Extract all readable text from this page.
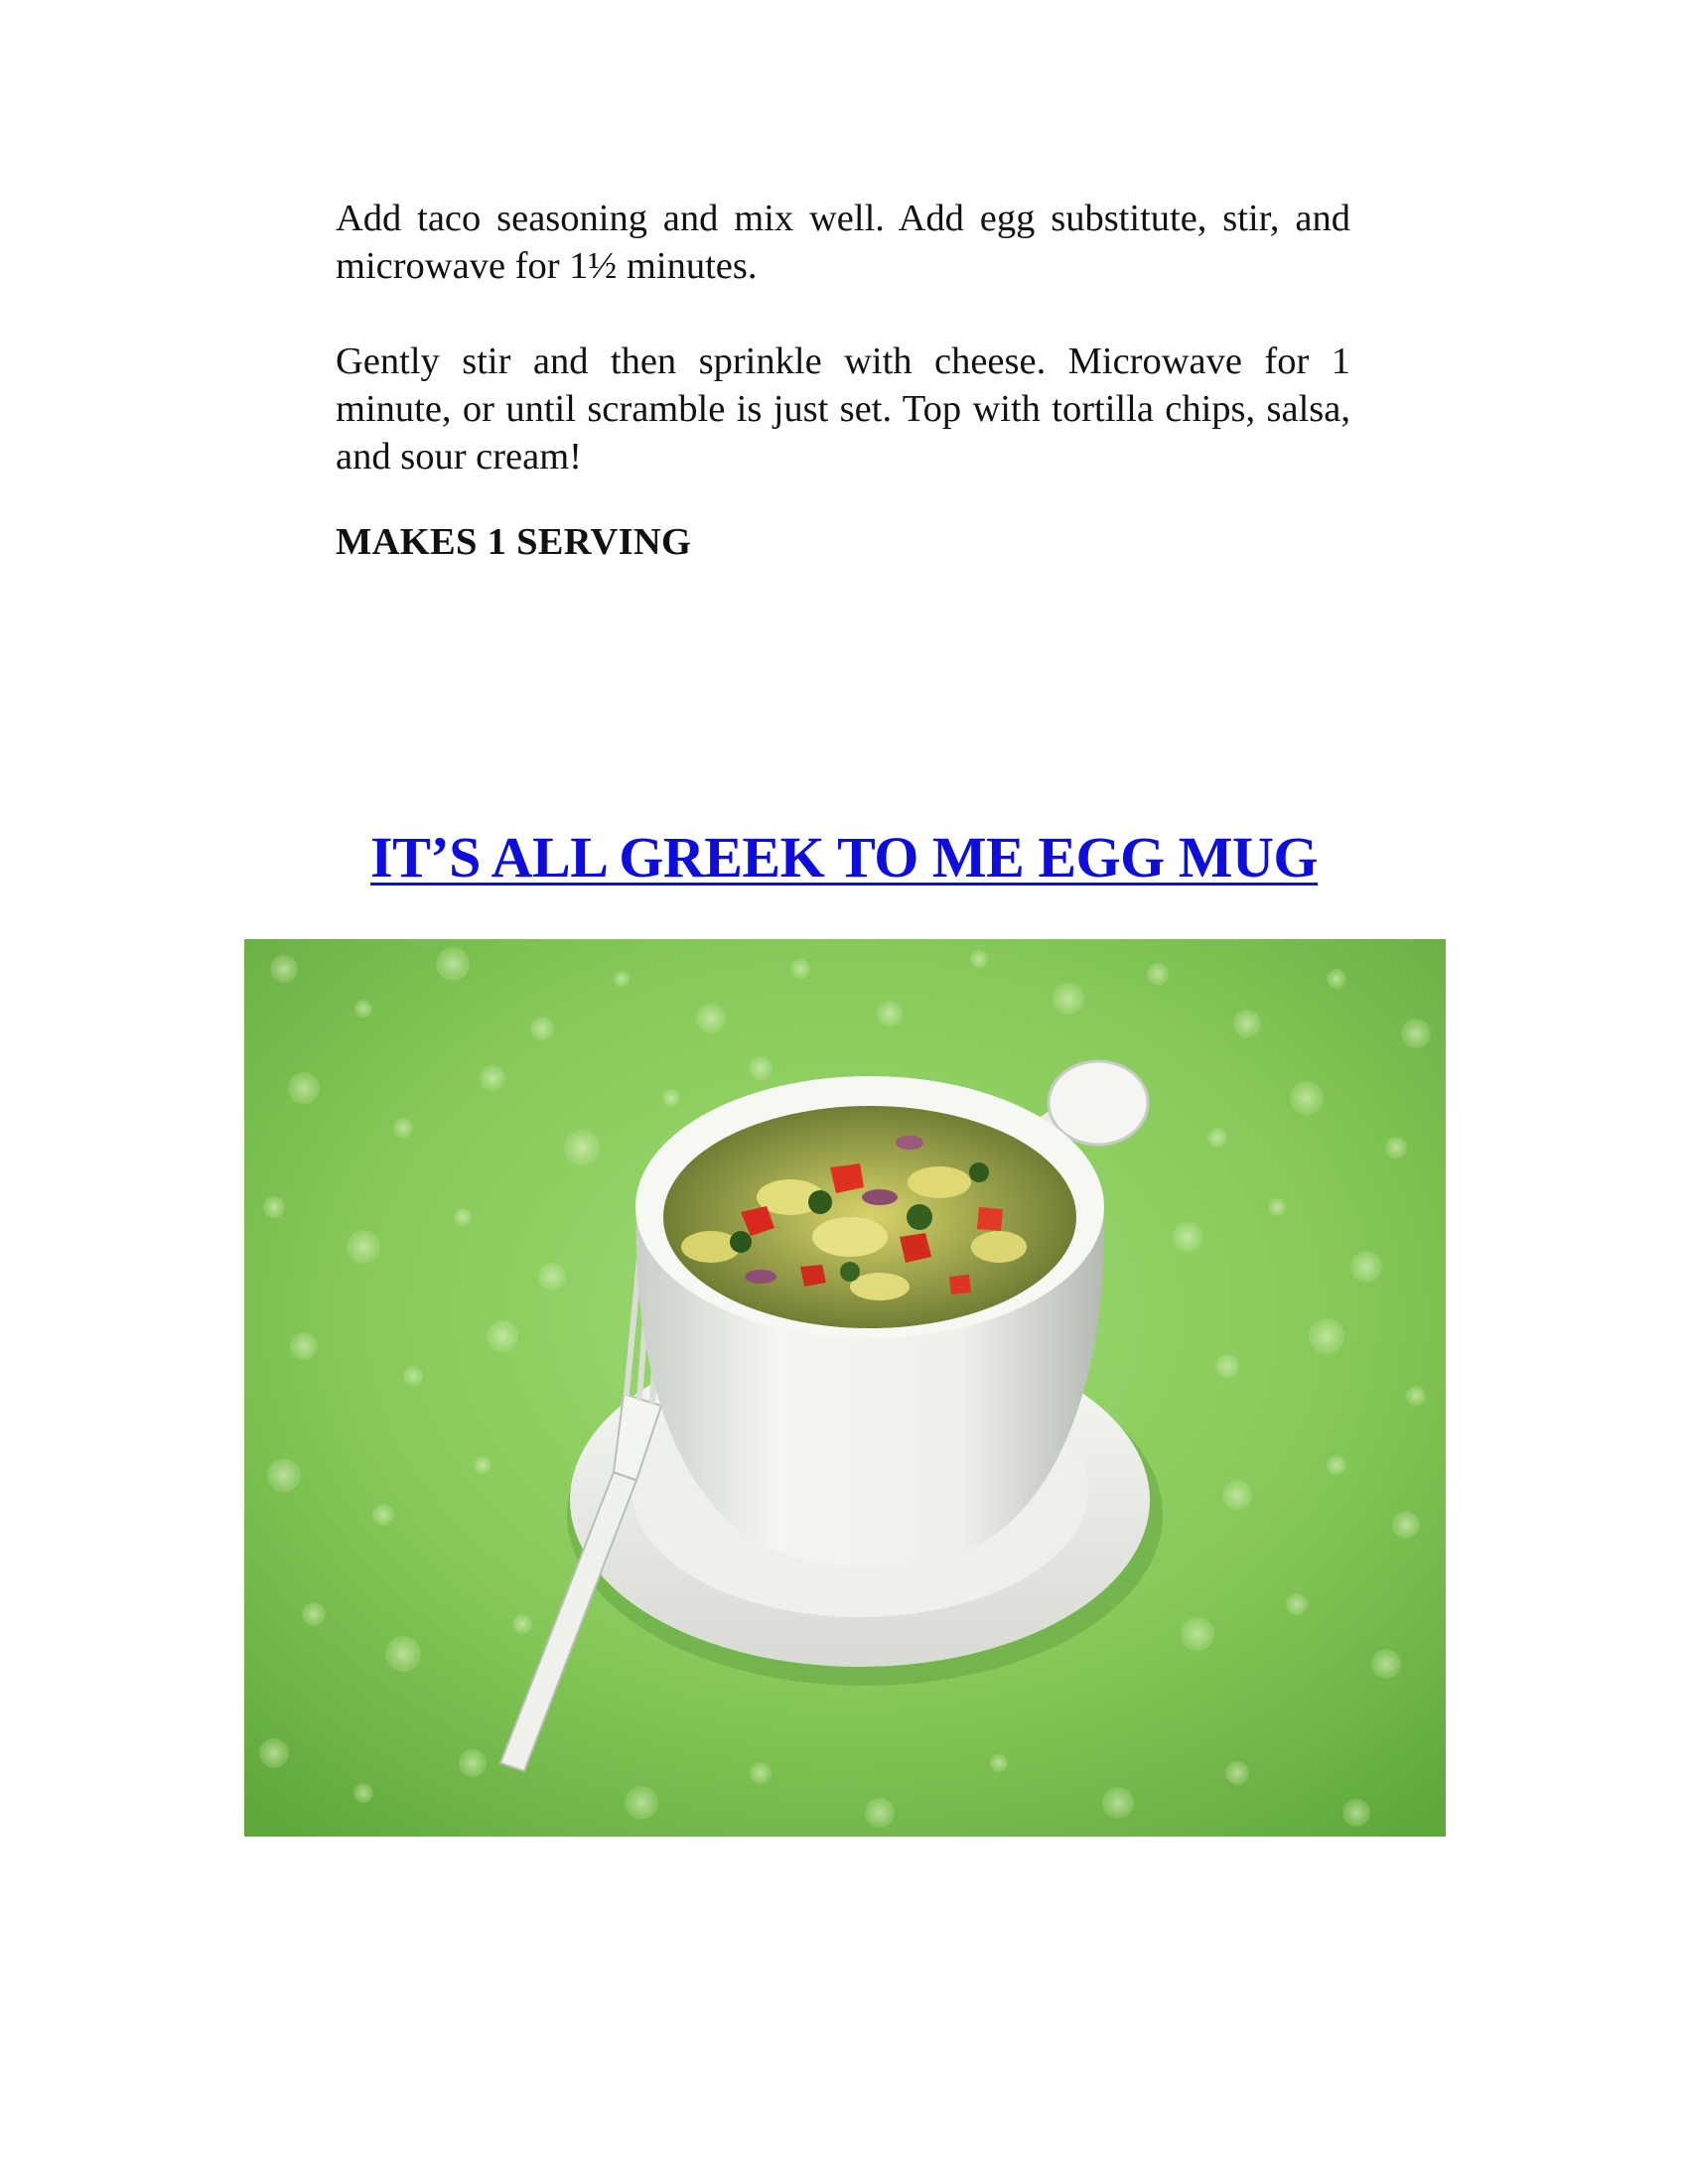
Add taco seasoning and mix well. Add egg substitute, stir, and microwave for 1½ minutes.

Gently stir and then sprinkle with cheese. Microwave for 1 minute, or until scramble is just set. Top with tortilla chips, salsa, and sour cream!

MAKES 1 SERVING

IT’S ALL GREEK TO ME EGG MUG
